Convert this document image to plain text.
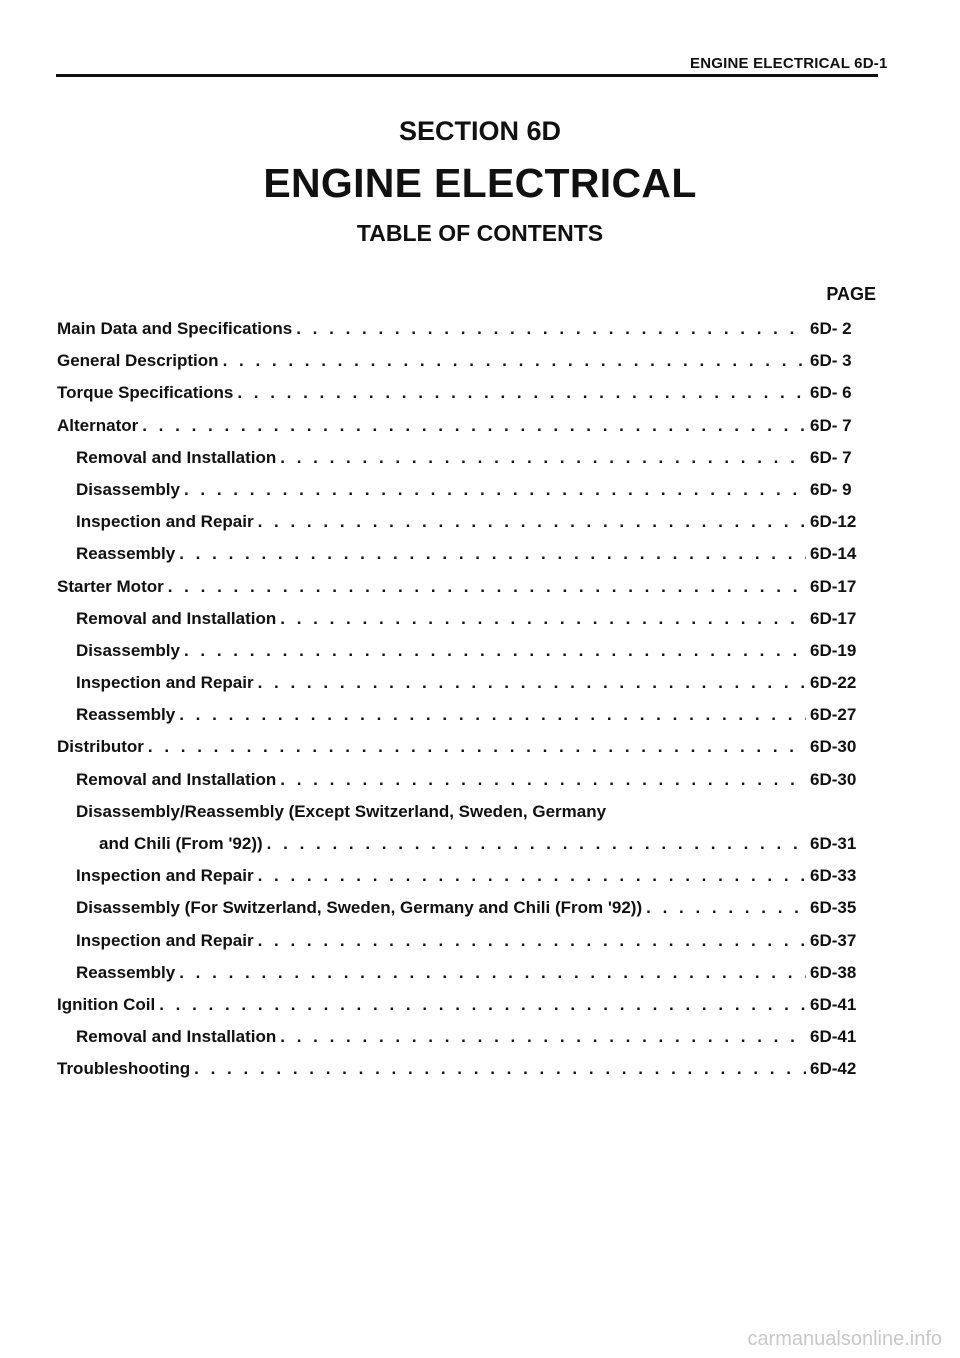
ENGINE ELECTRICAL 6D-1
SECTION 6D
ENGINE ELECTRICAL
TABLE OF CONTENTS
PAGE
Main Data and Specifications . . .	6D- 2
General Description . . .	6D- 3
Torque Specifications . . .	6D- 6
Alternator . . .	6D- 7
Removal and Installation . . .	6D- 7
Disassembly . . .	6D- 9
Inspection and Repair . . .	6D-12
Reassembly . . .	6D-14
Starter Motor . . .	6D-17
Removal and Installation . . .	6D-17
Disassembly . . .	6D-19
Inspection and Repair . . .	6D-22
Reassembly . . .	6D-27
Distributor . . .	6D-30
Removal and Installation . . .	6D-30
Disassembly/Reassembly (Except Switzerland, Sweden, Germany
and Chili (From '92)) . . .	6D-31
Inspection and Repair . . .	6D-33
Disassembly (For Switzerland, Sweden, Germany and Chili (From '92)) . . .	6D-35
Inspection and Repair . . .	6D-37
Reassembly . . .	6D-38
Ignition Coil . . .	6D-41
Removal and Installation . . .	6D-41
Troubleshooting . . .	6D-42
carmanualsonline.info
